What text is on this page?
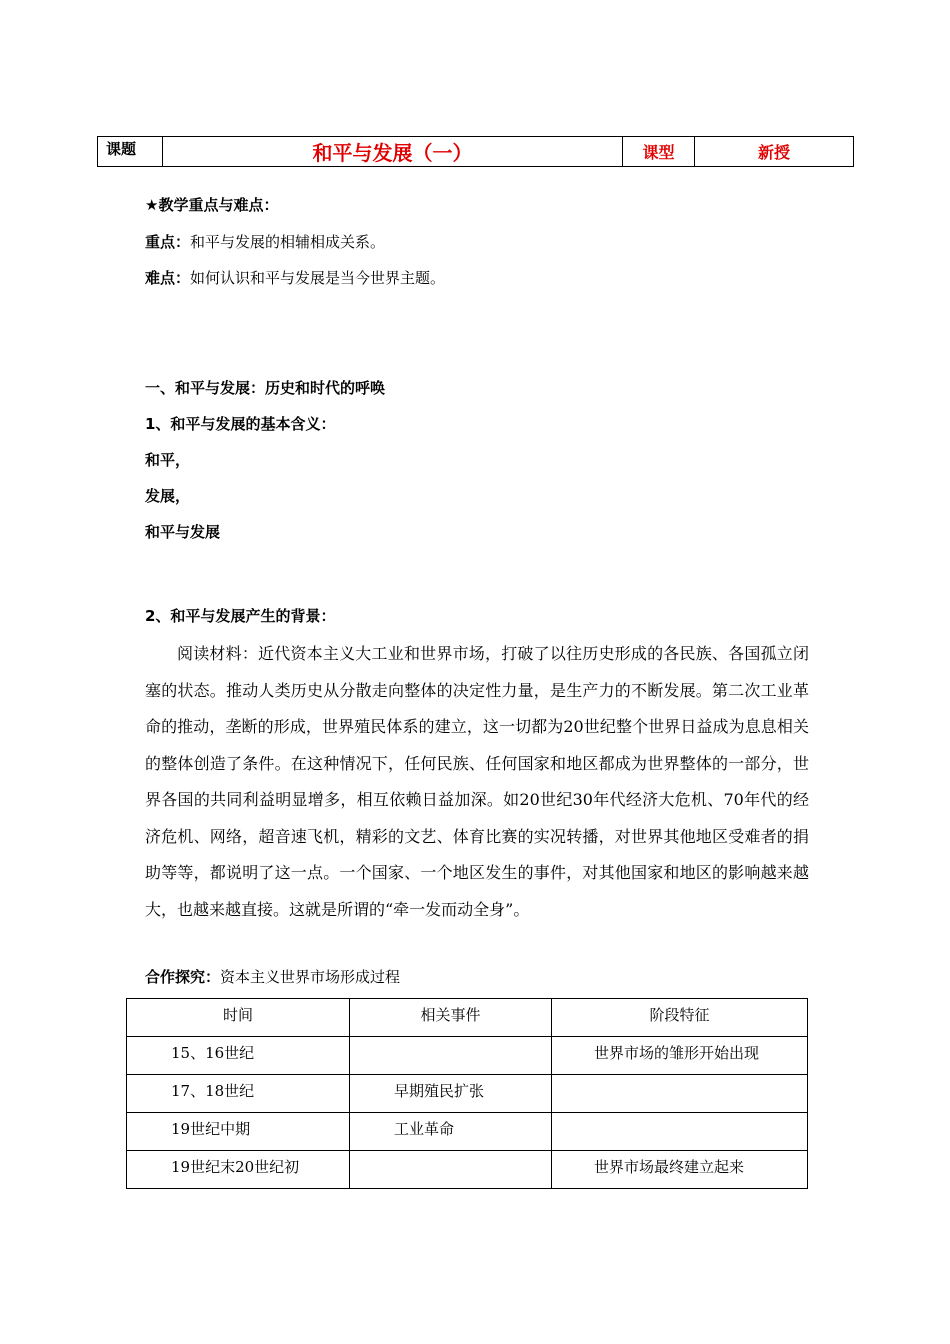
课题	和平与发展（一）	课型	新授
★教学重点与难点：
重点：和平与发展的相辅相成关系。
难点：如何认识和平与发展是当今世界主题。
一、和平与发展：历史和时代的呼唤
1、和平与发展的基本含义：
和平，
发展，
和平与发展
2、和平与发展产生的背景：
阅读材料：近代资本主义大工业和世界市场，打破了以往历史形成的各民族、各国孤立闭塞的状态。推动人类历史从分散走向整体的决定性力量，是生产力的不断发展。第二次工业革命的推动，垄断的形成，世界殖民体系的建立，这一切都为20世纪整个世界日益成为息息相关的整体创造了条件。在这种情况下，任何民族、任何国家和地区都成为世界整体的一部分，世界各国的共同利益明显增多，相互依赖日益加深。如20世纪30年代经济大危机、70年代的经济危机、网络，超音速飞机，精彩的文艺、体育比赛的实况转播，对世界其他地区受难者的捐助等等，都说明了这一点。一个国家、一个地区发生的事件，对其他国家和地区的影响越来越大，也越来越直接。这就是所谓的“牵一发而动全身”。
合作探究：资本主义世界市场形成过程
时间	相关事件	阶段特征

15、16世纪		世界市场的雏形开始出现

17、18世纪	早期殖民扩张	

19世纪中期	工业革命	

19世纪末20世纪初		世界市场最终建立起来
